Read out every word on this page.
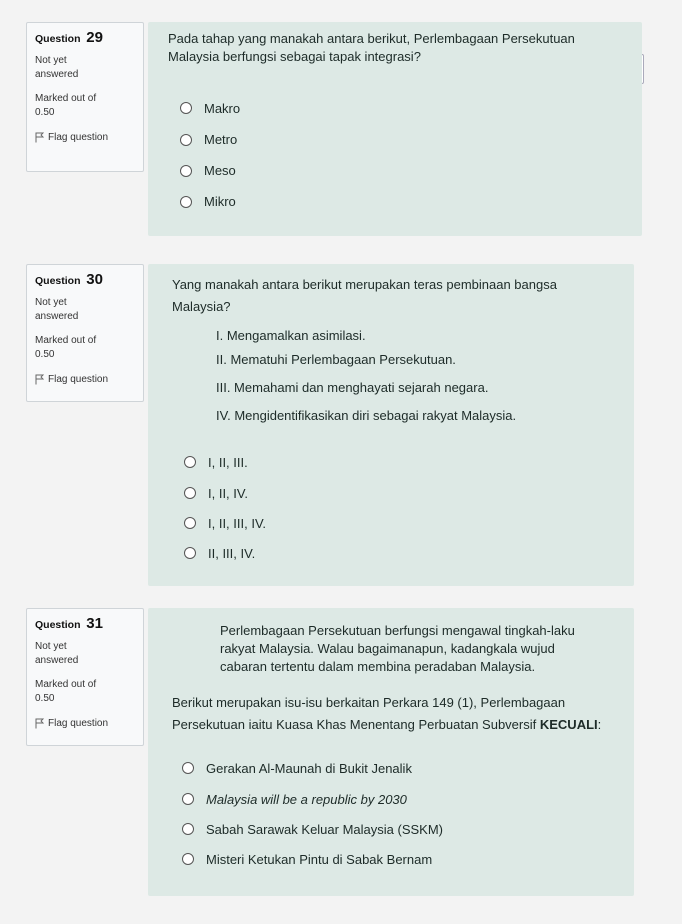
Question 29
Not yet
answered
Marked out of
0.50
Flag question
Pada tahap yang manakah antara berikut, Perlembagaan Persekutuan
Malaysia berfungsi sebagai tapak integrasi?
Makro
Metro
Meso
Mikro
Question 30
Not yet
answered
Marked out of
0.50
Flag question
Yang manakah antara berikut merupakan teras pembinaan bangsa
Malaysia?
I. Mengamalkan asimilasi.
II. Mematuhi Perlembagaan Persekutuan.
III. Memahami dan menghayati sejarah negara.
IV. Mengidentifikasikan diri sebagai rakyat Malaysia.
I, II, III.
I, II, IV.
I, II, III, IV.
II, III, IV.
Question 31
Not yet
answered
Marked out of
0.50
Flag question
Perlembagaan Persekutuan berfungsi mengawal tingkah-laku
rakyat Malaysia. Walau bagaimanapun, kadangkala wujud
cabaran tertentu dalam membina peradaban Malaysia.
Berikut merupakan isu-isu berkaitan Perkara 149 (1), Perlembagaan
Persekutuan iaitu Kuasa Khas Menentang Perbuatan Subversif KECUALI:
Gerakan Al-Maunah di Bukit Jenalik
Malaysia will be a republic by 2030
Sabah Sarawak Keluar Malaysia (SSKM)
Misteri Ketukan Pintu di Sabak Bernam
